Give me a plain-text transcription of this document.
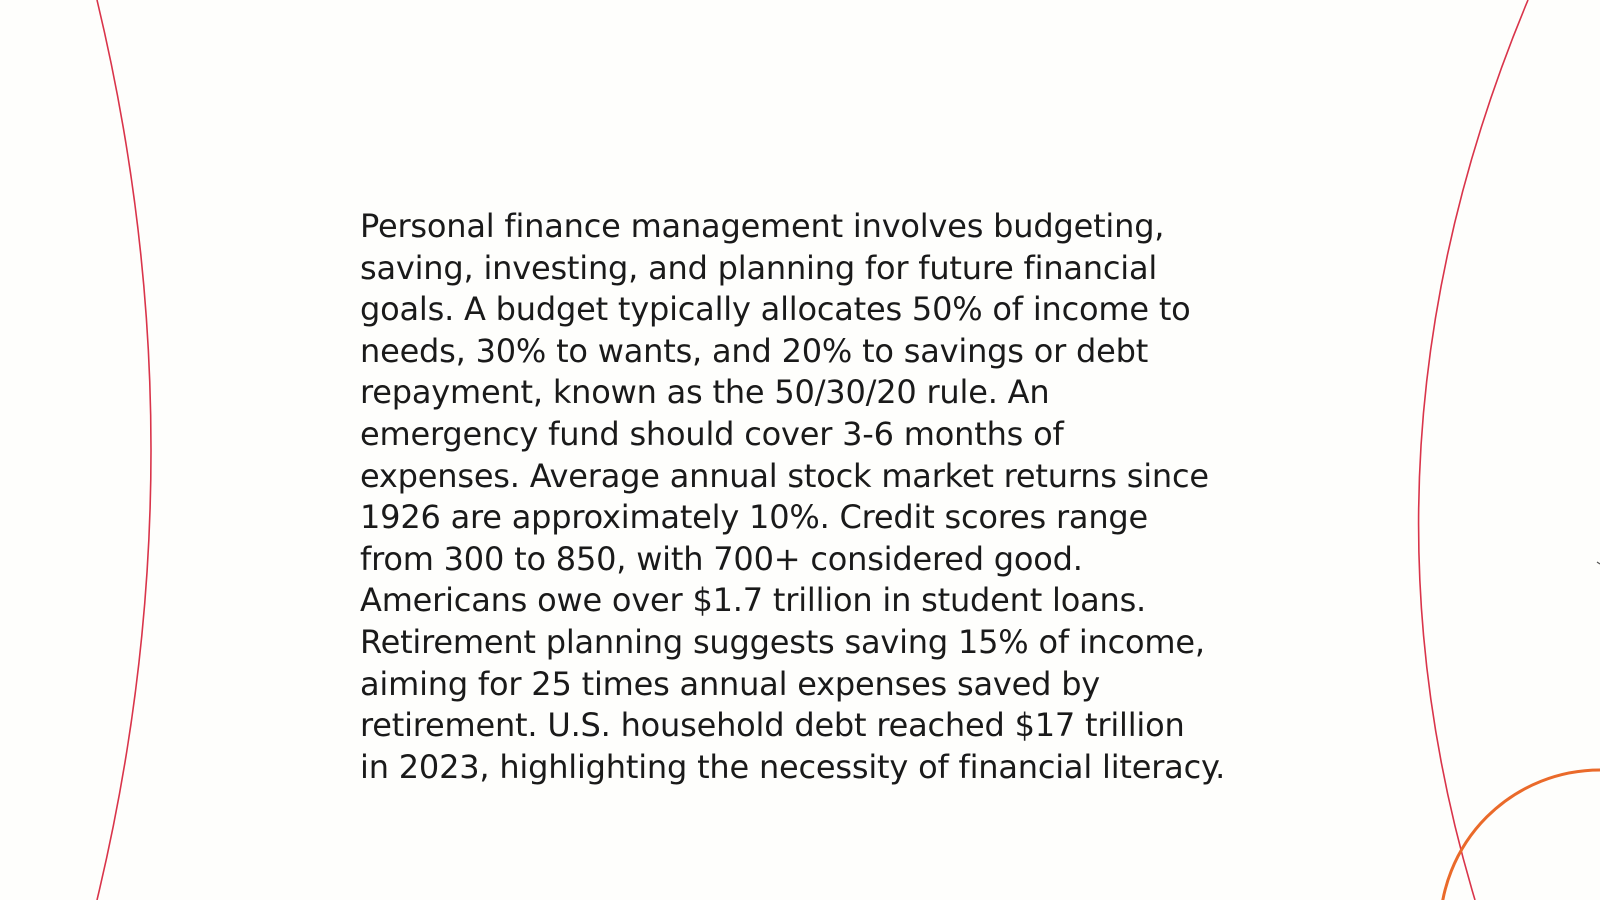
Personal finance management involves budgeting,
saving, investing, and planning for future financial
goals. A budget typically allocates 50% of income to
needs, 30% to wants, and 20% to savings or debt
repayment, known as the 50/30/20 rule. An
emergency fund should cover 3-6 months of
expenses. Average annual stock market returns since
1926 are approximately 10%. Credit scores range
from 300 to 850, with 700+ considered good.
Americans owe over $1.7 trillion in student loans.
Retirement planning suggests saving 15% of income,
aiming for 25 times annual expenses saved by
retirement. U.S. household debt reached $17 trillion
in 2023, highlighting the necessity of financial literacy.
